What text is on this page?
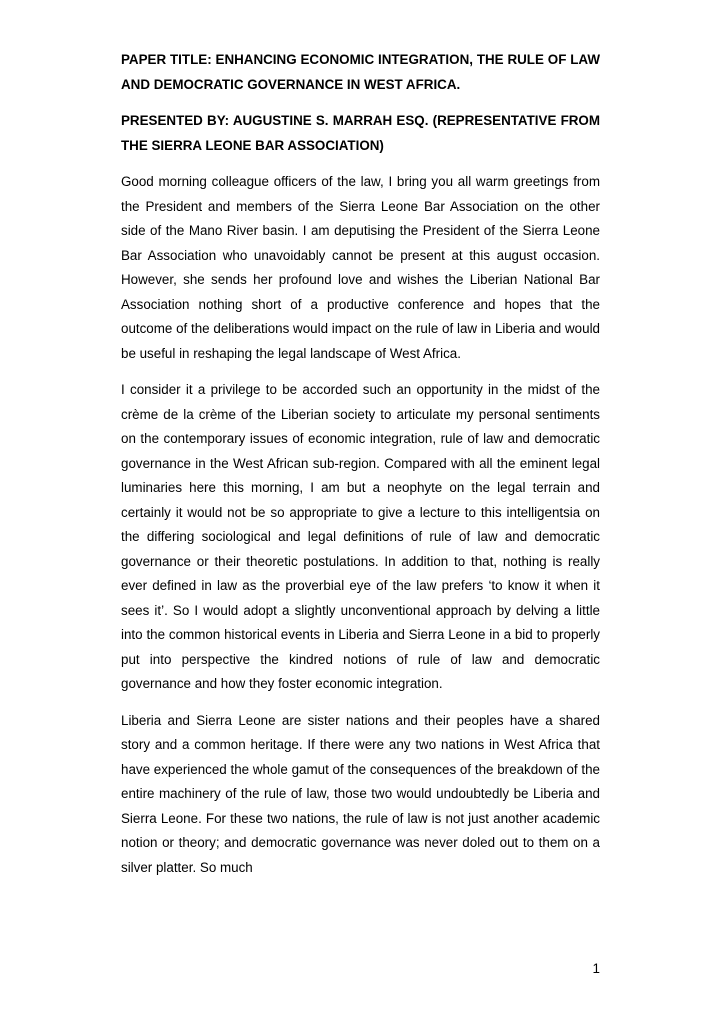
PAPER TITLE: ENHANCING ECONOMIC INTEGRATION, THE RULE OF LAW AND DEMOCRATIC GOVERNANCE IN WEST AFRICA.

PRESENTED BY: AUGUSTINE S. MARRAH ESQ. (REPRESENTATIVE FROM THE SIERRA LEONE BAR ASSOCIATION)

Good morning colleague officers of the law, I bring you all warm greetings from the President and members of the Sierra Leone Bar Association on the other side of the Mano River basin. I am deputising the President of the Sierra Leone Bar Association who unavoidably cannot be present at this august occasion. However, she sends her profound love and wishes the Liberian National Bar Association nothing short of a productive conference and hopes that the outcome of the deliberations would impact on the rule of law in Liberia and would be useful in reshaping the legal landscape of West Africa.

I consider it a privilege to be accorded such an opportunity in the midst of the crème de la crème of the Liberian society to articulate my personal sentiments on the contemporary issues of economic integration, rule of law and democratic governance in the West African sub-region. Compared with all the eminent legal luminaries here this morning, I am but a neophyte on the legal terrain and certainly it would not be so appropriate to give a lecture to this intelligentsia on the differing sociological and legal definitions of rule of law and democratic governance or their theoretic postulations. In addition to that, nothing is really ever defined in law as the proverbial eye of the law prefers ‘to know it when it sees it’. So I would adopt a slightly unconventional approach by delving a little into the common historical events in Liberia and Sierra Leone in a bid to properly put into perspective the kindred notions of rule of law and democratic governance and how they foster economic integration.

Liberia and Sierra Leone are sister nations and their peoples have a shared story and a common heritage. If there were any two nations in West Africa that have experienced the whole gamut of the consequences of the breakdown of the entire machinery of the rule of law, those two would undoubtedly be Liberia and Sierra Leone. For these two nations, the rule of law is not just another academic notion or theory; and democratic governance was never doled out to them on a silver platter. So much

1
